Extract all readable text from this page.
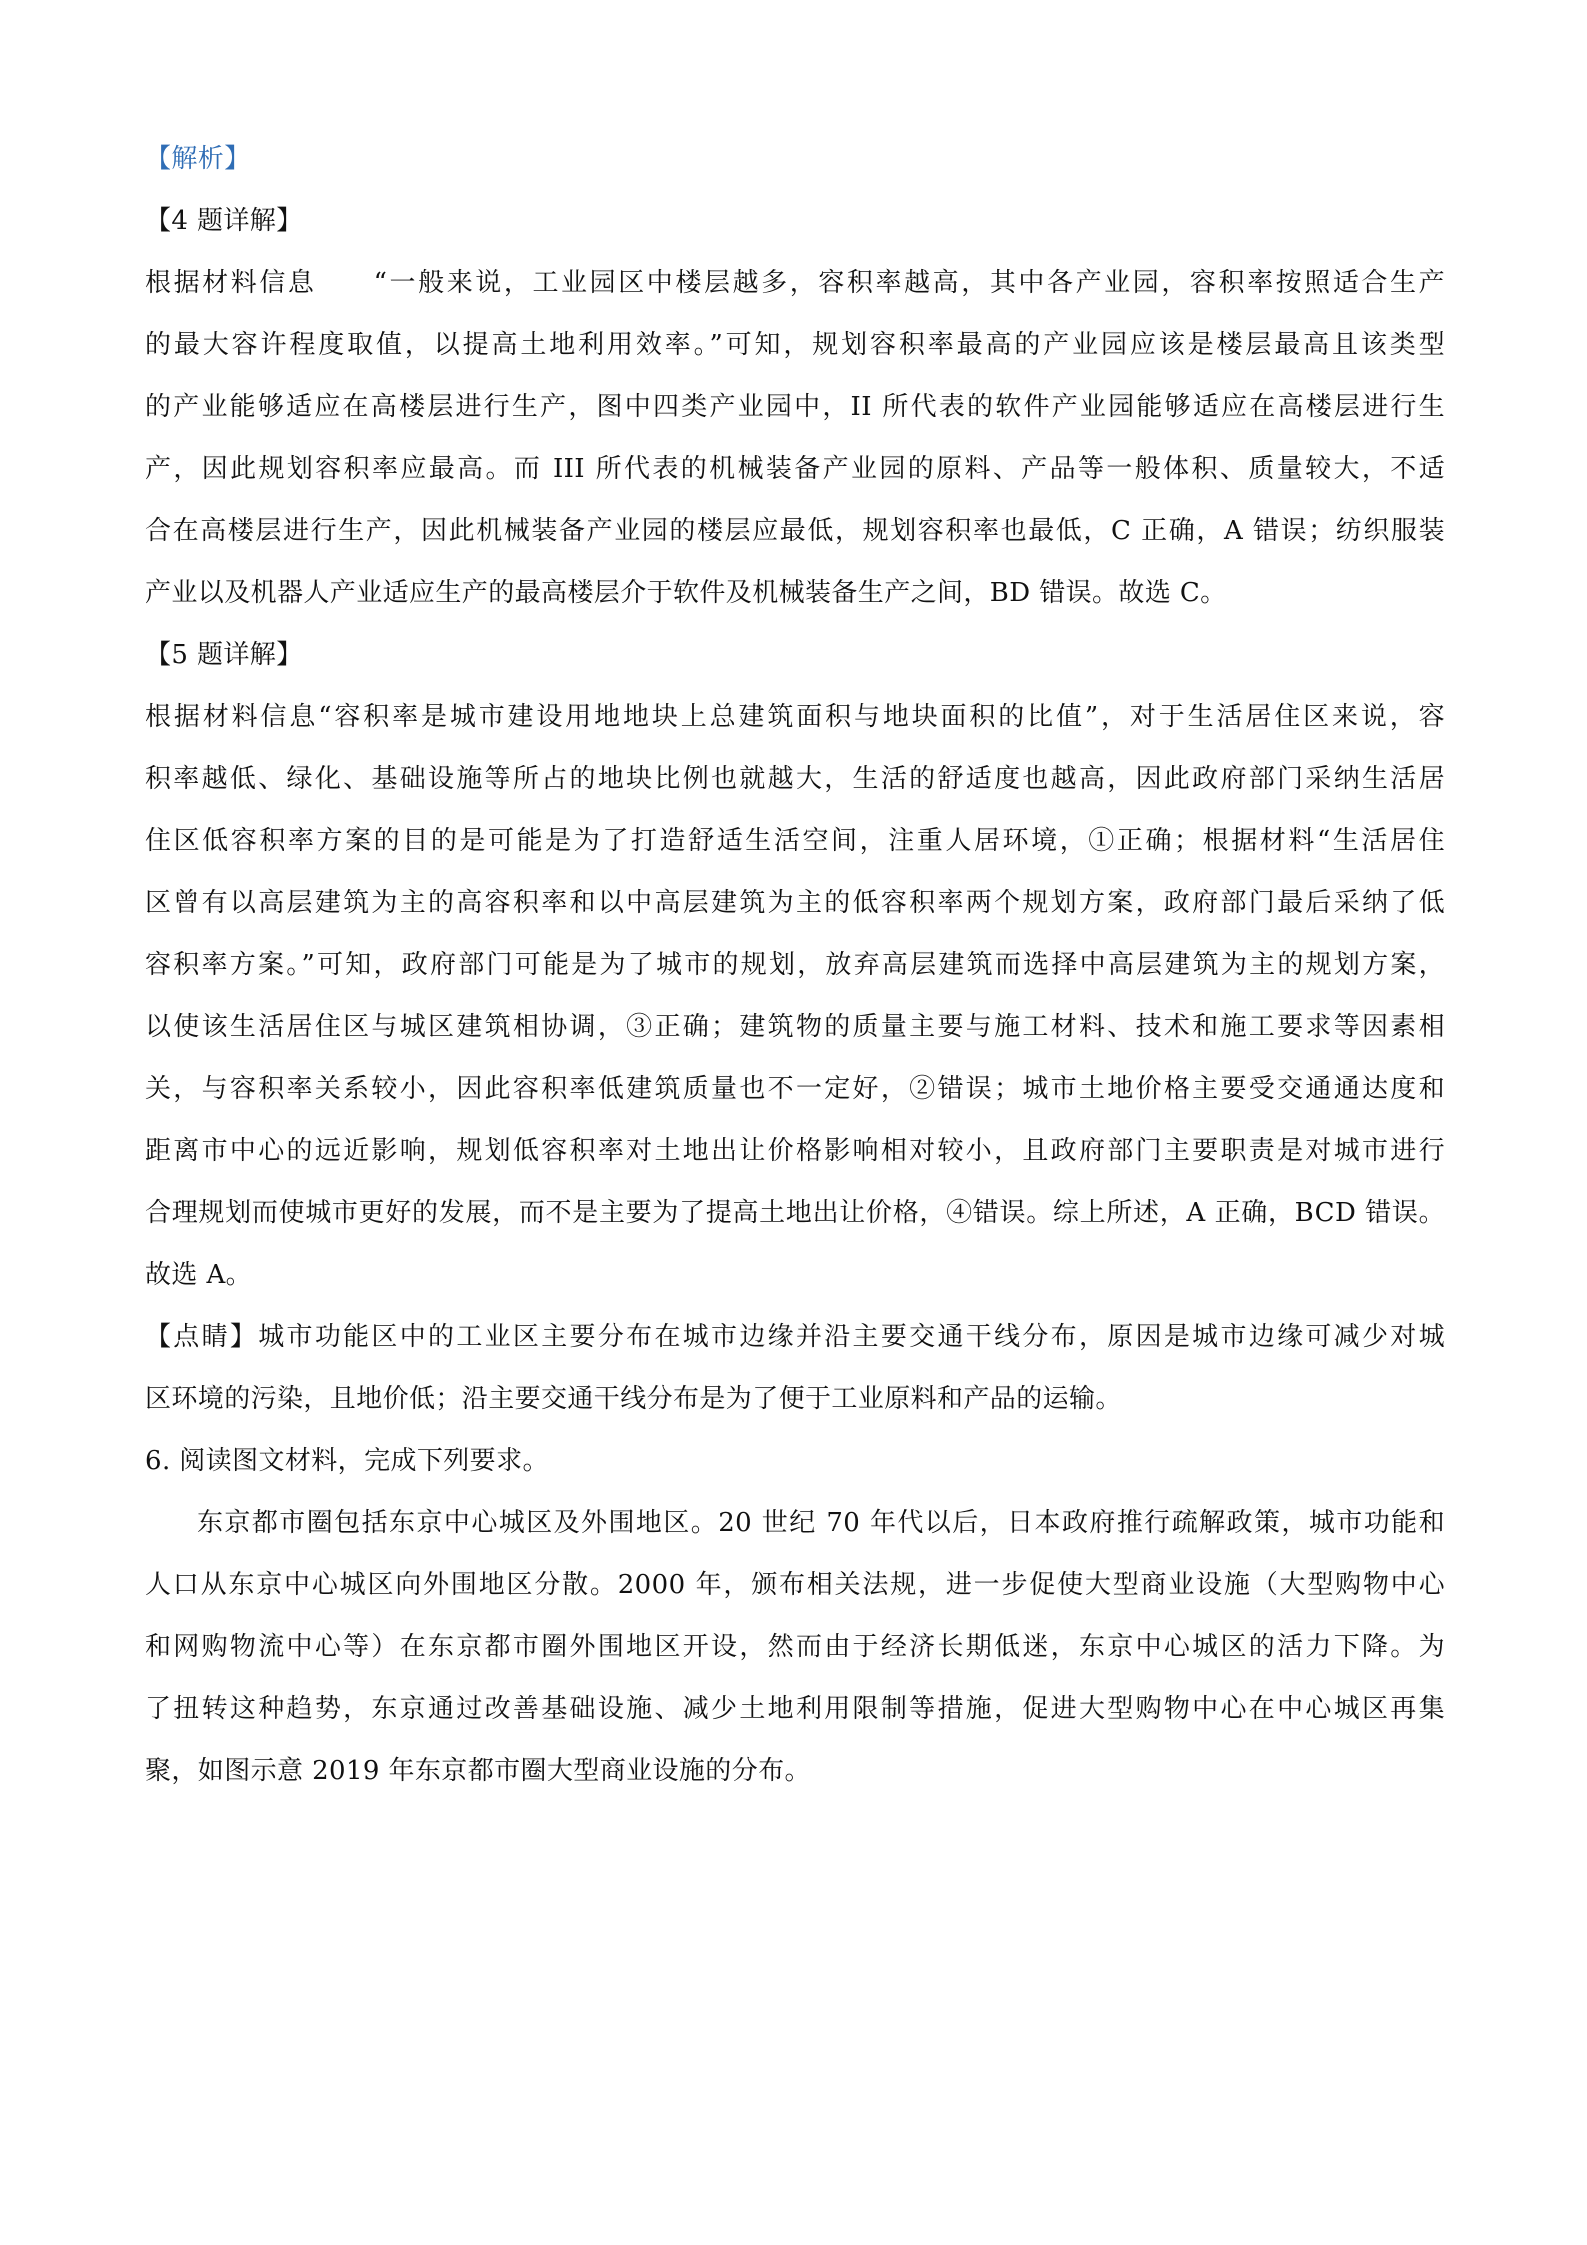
【解析】
【4 题详解】
根据材料信息　　“一般来说，工业园区中楼层越多，容积率越高，其中各产业园，容积率按照适合生产
的最大容许程度取值，以提高土地利用效率。”可知，规划容积率最高的产业园应该是楼层最高且该类型
的产业能够适应在高楼层进行生产，图中四类产业园中，II 所代表的软件产业园能够适应在高楼层进行生
产，因此规划容积率应最高。而 III 所代表的机械装备产业园的原料、产品等一般体积、质量较大，不适
合在高楼层进行生产，因此机械装备产业园的楼层应最低，规划容积率也最低，C 正确，A 错误；纺织服装
产业以及机器人产业适应生产的最高楼层介于软件及机械装备生产之间，BD 错误。故选 C。
【5 题详解】
根据材料信息“容积率是城市建设用地地块上总建筑面积与地块面积的比值”，对于生活居住区来说，容
积率越低、绿化、基础设施等所占的地块比例也就越大，生活的舒适度也越高，因此政府部门采纳生活居
住区低容积率方案的目的是可能是为了打造舒适生活空间，注重人居环境，①正确；根据材料“生活居住
区曾有以高层建筑为主的高容积率和以中高层建筑为主的低容积率两个规划方案，政府部门最后采纳了低
容积率方案。”可知，政府部门可能是为了城市的规划，放弃高层建筑而选择中高层建筑为主的规划方案，
以使该生活居住区与城区建筑相协调，③正确；建筑物的质量主要与施工材料、技术和施工要求等因素相
关，与容积率关系较小，因此容积率低建筑质量也不一定好，②错误；城市土地价格主要受交通通达度和
距离市中心的远近影响，规划低容积率对土地出让价格影响相对较小，且政府部门主要职责是对城市进行
合理规划而使城市更好的发展，而不是主要为了提高土地出让价格，④错误。综上所述，A 正确，BCD 错误。
故选 A。
【点睛】城市功能区中的工业区主要分布在城市边缘并沿主要交通干线分布，原因是城市边缘可减少对城
区环境的污染，且地价低；沿主要交通干线分布是为了便于工业原料和产品的运输。
6. 阅读图文材料，完成下列要求。
东京都市圈包括东京中心城区及外围地区。20 世纪 70 年代以后，日本政府推行疏解政策，城市功能和
人口从东京中心城区向外围地区分散。2000 年，颁布相关法规，进一步促使大型商业设施（大型购物中心
和网购物流中心等）在东京都市圈外围地区开设，然而由于经济长期低迷，东京中心城区的活力下降。为
了扭转这种趋势，东京通过改善基础设施、减少土地利用限制等措施，促进大型购物中心在中心城区再集
聚，如图示意 2019 年东京都市圈大型商业设施的分布。
